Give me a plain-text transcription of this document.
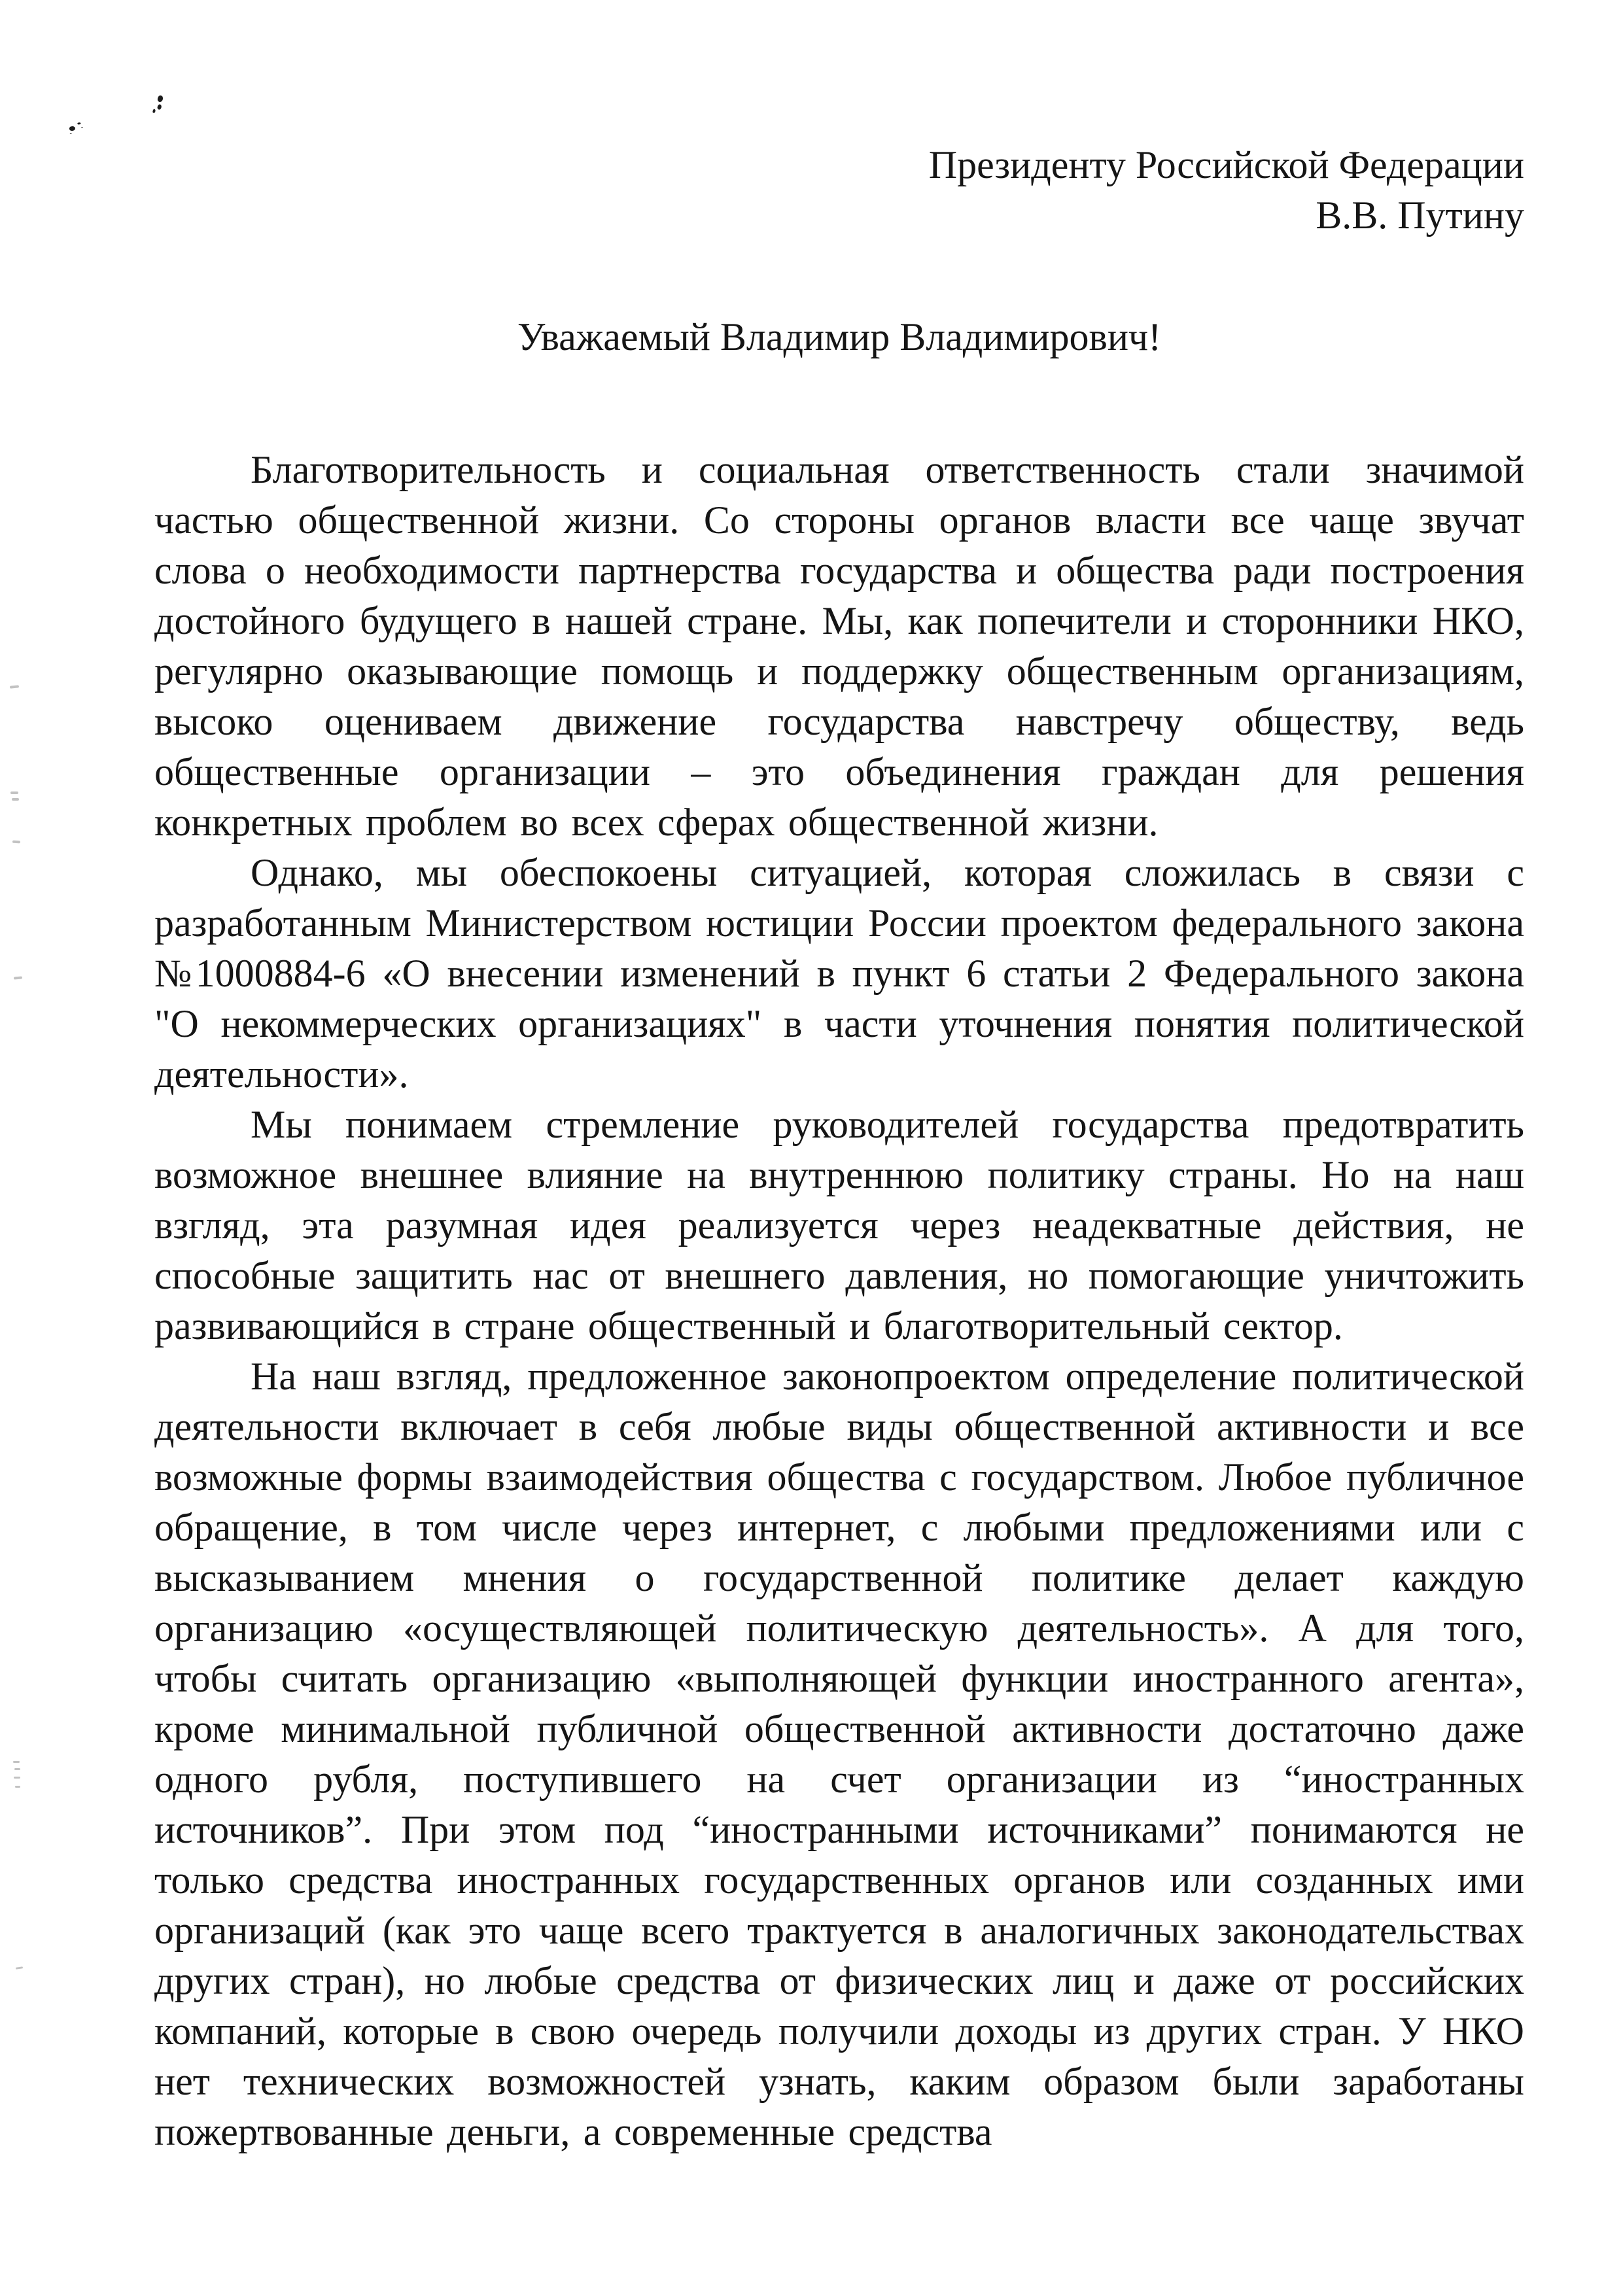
Президенту Российской Федерации
В.В. Путину
Уважаемый Владимир Владимирович!

Благотворительность и социальная ответственность стали значимой частью общественной жизни. Со стороны органов власти все чаще звучат слова о необходимости партнерства государства и общества ради построения достойного будущего в нашей стране. Мы, как попечители и сторонники НКО, регулярно оказывающие помощь и поддержку общественным организациям, высоко оцениваем движение государства навстречу обществу, ведь общественные организации – это объединения граждан для решения конкретных проблем во всех сферах общественной жизни.

Однако, мы обеспокоены ситуацией, которая сложилась в связи с разработанным Министерством юстиции России проектом федерального закона №1000884-6 «О внесении изменений в пункт 6 статьи 2 Федерального закона "О некоммерческих организациях" в части уточнения понятия политической деятельности».

Мы понимаем стремление руководителей государства предотвратить возможное внешнее влияние на внутреннюю политику страны. Но на наш взгляд, эта разумная идея реализуется через неадекватные действия, не способные защитить нас от внешнего давления, но помогающие уничтожить развивающийся в стране общественный и благотворительный сектор.

На наш взгляд, предложенное законопроектом определение политической деятельности включает в себя любые виды общественной активности и все возможные формы взаимодействия общества с государством. Любое публичное обращение, в том числе через интернет, с любыми предложениями или с высказыванием мнения о государственной политике делает каждую организацию «осуществляющей политическую деятельность». А для того, чтобы считать организацию «выполняющей функции иностранного агента», кроме минимальной публичной общественной активности достаточно даже одного рубля, поступившего на счет организации из “иностранных источников”. При этом под “иностранными источниками” понимаются не только средства иностранных государственных органов или созданных ими организаций (как это чаще всего трактуется в аналогичных законодательствах других стран), но любые средства от физических лиц и даже от российских компаний, которые в свою очередь получили доходы из других стран. У НКО нет технических возможностей узнать, каким образом были заработаны пожертвованные деньги, а современные средства
